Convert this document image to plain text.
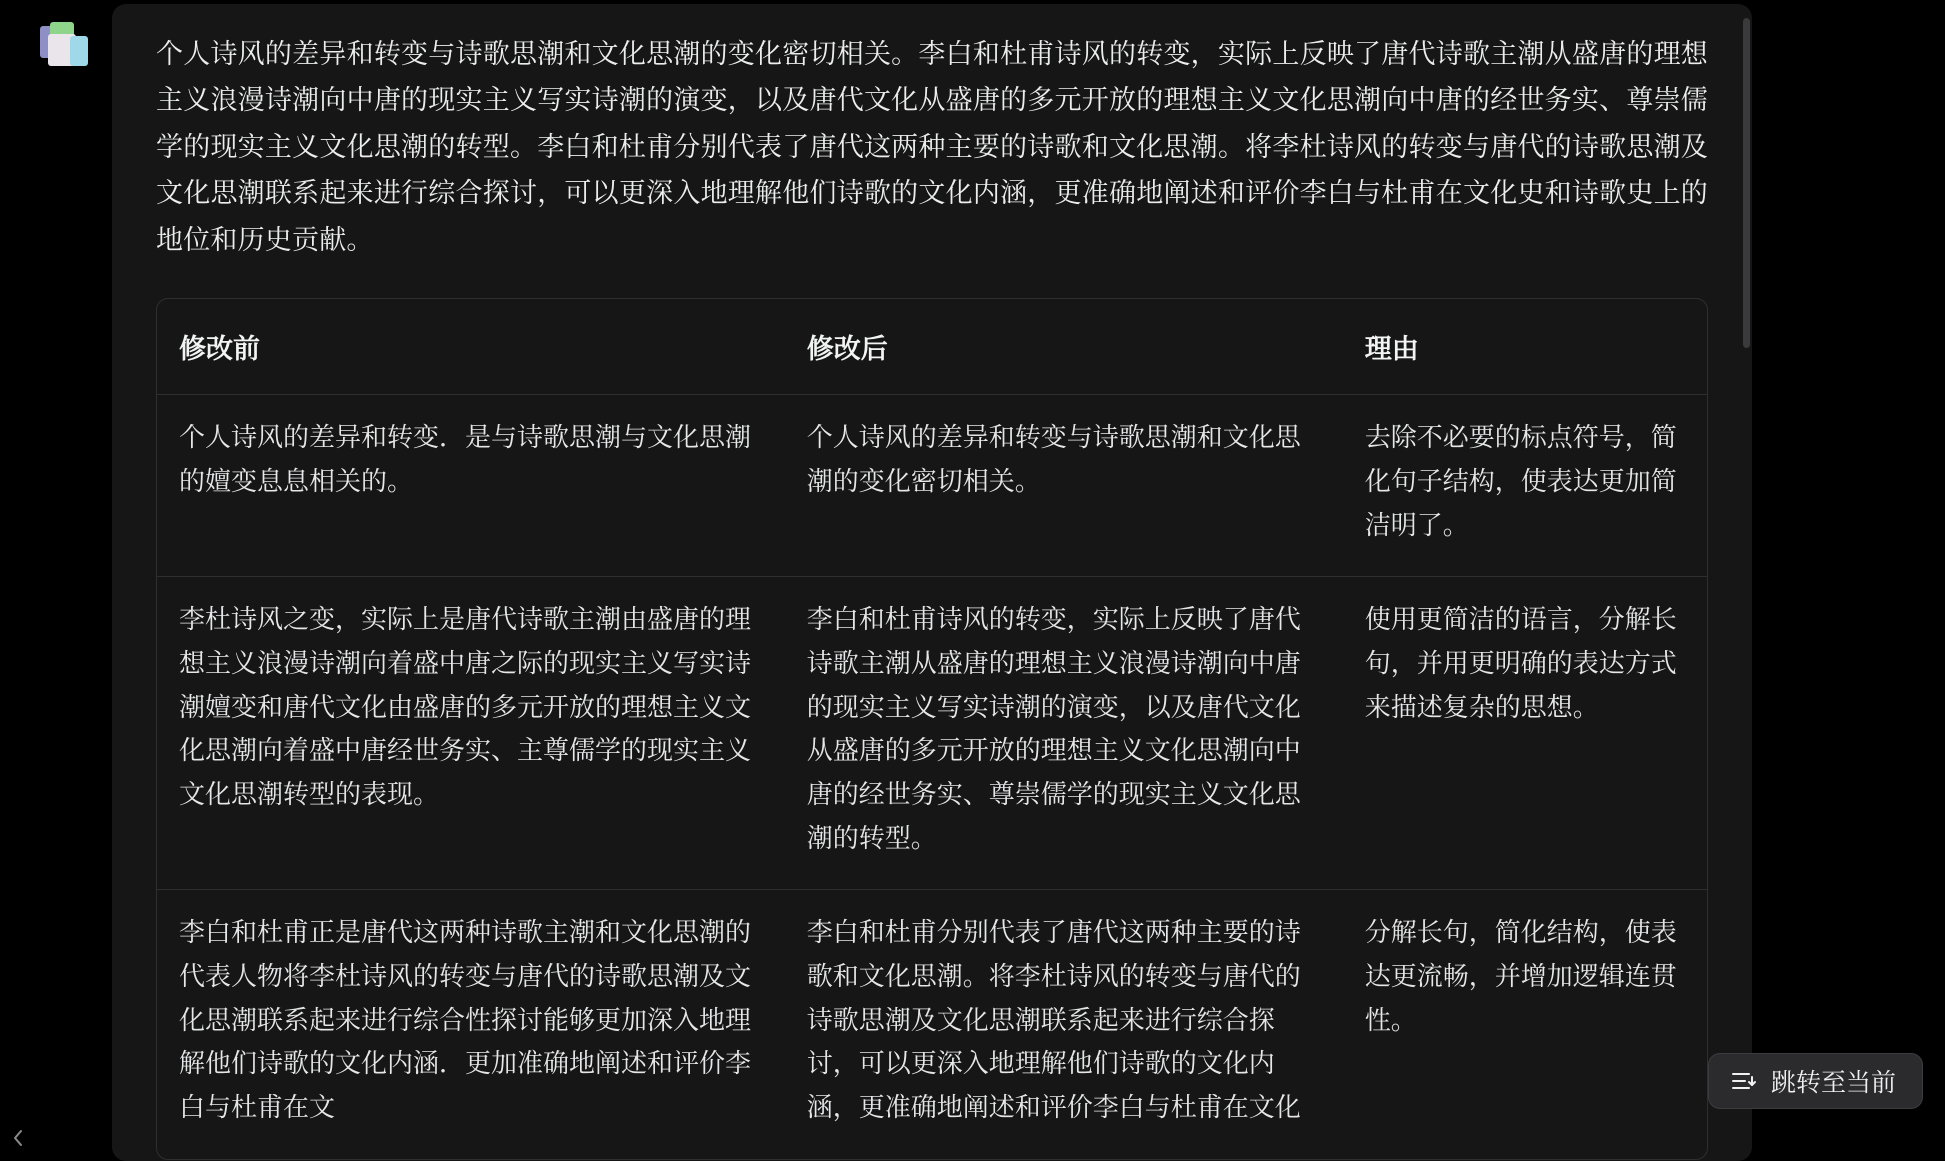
个人诗风的差异和转变与诗歌思潮和文化思潮的变化密切相关。李白和杜甫诗风的转变，实际上反映了唐代诗歌主潮从盛唐的理想主义浪漫诗潮向中唐的现实主义写实诗潮的演变，以及唐代文化从盛唐的多元开放的理想主义文化思潮向中唐的经世务实、尊崇儒学的现实主义文化思潮的转型。李白和杜甫分别代表了唐代这两种主要的诗歌和文化思潮。将李杜诗风的转变与唐代的诗歌思潮及文化思潮联系起来进行综合探讨，可以更深入地理解他们诗歌的文化内涵，更准确地阐述和评价李白与杜甫在文化史和诗歌史上的地位和历史贡献。

修改前	修改后	理由
个人诗风的差异和转变．是与诗歌思潮与文化思潮的嬗变息息相关的。	个人诗风的差异和转变与诗歌思潮和文化思潮的变化密切相关。	去除不必要的标点符号，简化句子结构，使表达更加简洁明了。
李杜诗风之变，实际上是唐代诗歌主潮由盛唐的理想主义浪漫诗潮向着盛中唐之际的现实主义写实诗潮嬗变和唐代文化由盛唐的多元开放的理想主义文化思潮向着盛中唐经世务实、主尊儒学的现实主义文化思潮转型的表现。	李白和杜甫诗风的转变，实际上反映了唐代诗歌主潮从盛唐的理想主义浪漫诗潮向中唐的现实主义写实诗潮的演变，以及唐代文化从盛唐的多元开放的理想主义文化思潮向中唐的经世务实、尊崇儒学的现实主义文化思潮的转型。	使用更简洁的语言，分解长句，并用更明确的表达方式来描述复杂的思想。
李白和杜甫正是唐代这两种诗歌主潮和文化思潮的代表人物将李杜诗风的转变与唐代的诗歌思潮及文化思潮联系起来进行综合性探讨能够更加深入地理解他们诗歌的文化内涵．更加准确地阐述和评价李白与杜甫在文	李白和杜甫分别代表了唐代这两种主要的诗歌和文化思潮。将李杜诗风的转变与唐代的诗歌思潮及文化思潮联系起来进行综合探讨，可以更深入地理解他们诗歌的文化内涵，更准确地阐述和评价李白与杜甫在文化	分解长句，简化结构，使表达更流畅，并增加逻辑连贯性。
跳转至当前
